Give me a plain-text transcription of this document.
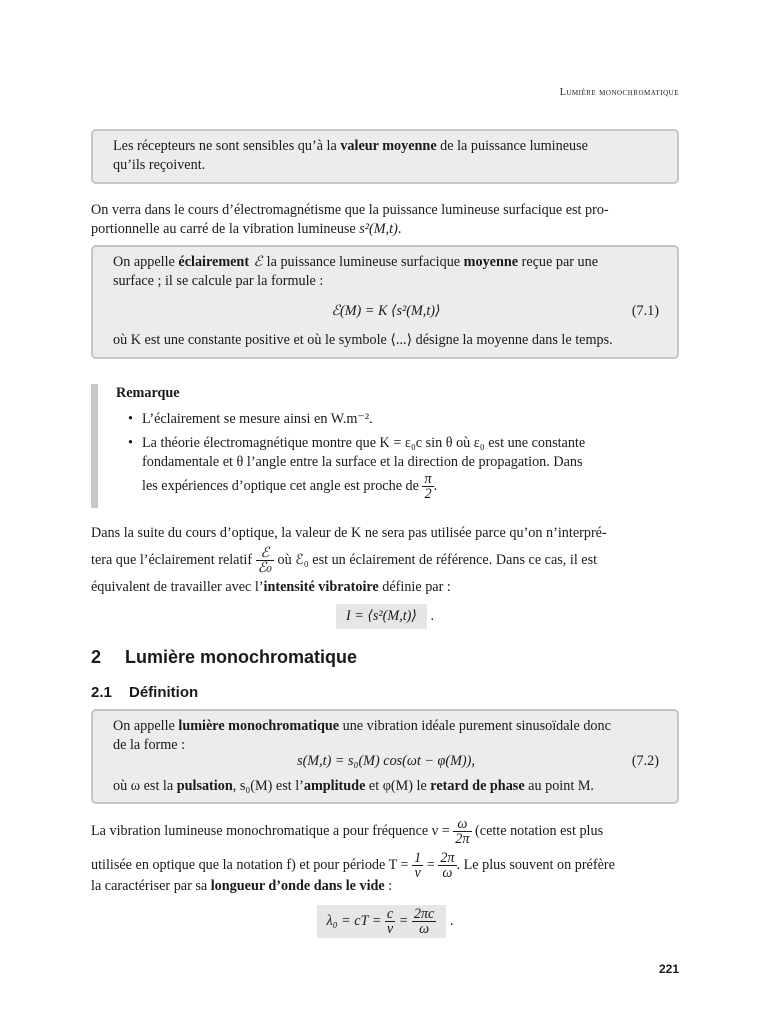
Lumière monochromatique
Les récepteurs ne sont sensibles qu’à la valeur moyenne de la puissance lumineuse
qu’ils reçoivent.
On verra dans le cours d’électromagnétisme que la puissance lumineuse surfacique est pro-
portionnelle au carré de la vibration lumineuse s²(M,t).
On appelle éclairement ℰ la puissance lumineuse surfacique moyenne reçue par une
surface ; il se calcule par la formule :
ℰ(M) = K ⟨s²(M,t)⟩	(7.1)
où K est une constante positive et où le symbole ⟨...⟩ désigne la moyenne dans le temps.
Remarque
• L’éclairement se mesure ainsi en W.m⁻².
• La théorie électromagnétique montre que K = ε₀c sin θ où ε₀ est une constante
fondamentale et θ l’angle entre la surface et la direction de propagation. Dans
les expériences d’optique cet angle est proche de $\frac{\pi}{2}$ .
Dans la suite du cours d’optique, la valeur de K ne sera pas utilisée parce qu’on n’interpré-
tera que l’éclairement relatif $\frac{\text{ℰ}}{\text{ℰ₀}}$ où ℰ₀ est un éclairement de référence. Dans ce cas, il est
équivalent de travailler avec l’intensité vibratoire définie par :
I = ⟨s²(M,t)⟩ .
2 Lumière monochromatique
2.1 Définition
On appelle lumière monochromatique une vibration idéale purement sinusoïdale donc
de la forme :
s(M,t) = s₀(M) cos(ωt − φ(M)),	(7.2)
où ω est la pulsation, s₀(M) est l’amplitude et φ(M) le retard de phase au point M.
La vibration lumineuse monochromatique a pour fréquence $\nu = \frac{\omega}{2\pi}$ (cette notation est plus
utilisée en optique que la notation f) et pour période $T = \frac{1}{\nu} = \frac{2\pi}{\omega}$ . Le plus souvent on préfère
la caractériser par sa longueur d’onde dans le vide :
λ₀ = cT = $\frac{c}{\nu} = \frac{2\pi c}{\omega}$ .
221
